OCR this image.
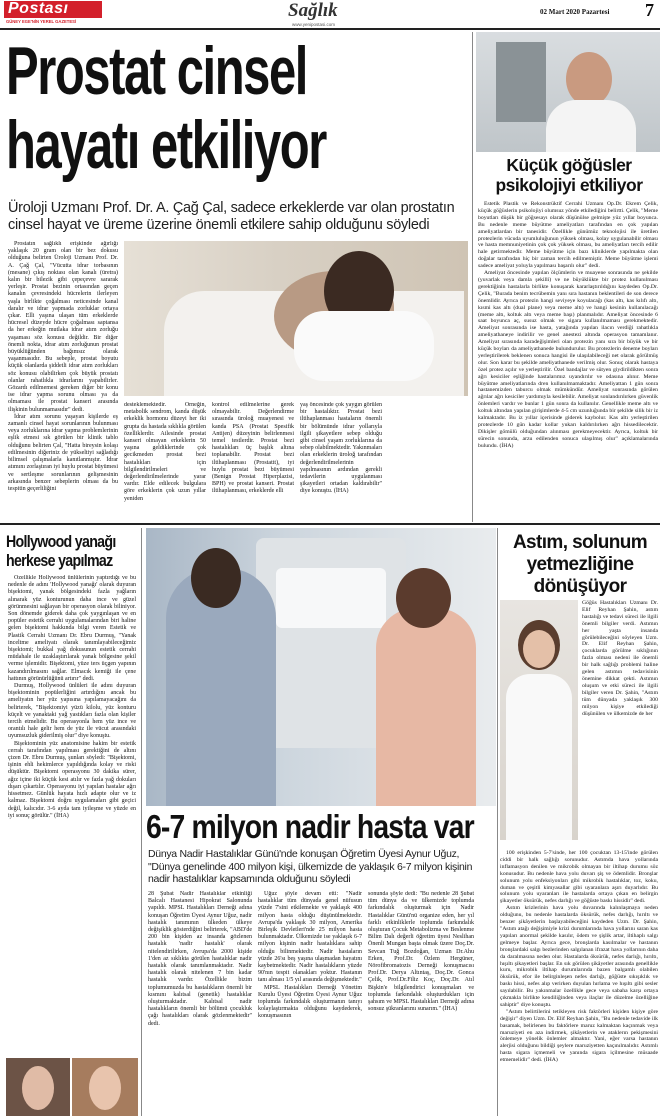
Postası
GÜNEY EGE'NİN YEREL GAZETESİ
Sağlık
www.yenipostasi.com
02 Mart 2020 Pazartesi 7
Prostat cinsel
hayatı etkiliyor
Üroloji Uzmanı Prof. Dr. A. Çağ Çal, sadece erkeklerde var olan prostatın cinsel hayat ve üreme üzerine önemli etkilere sahip olduğunu söyledi

Prostatın sağlıklı erişkinde ağırlığı yaklaşık 20 gram olan bir bez dokusu olduğuna belirten Üroloji Uzmanı Prof. Dr. A. Çağ Çal, "Vücutta idrar torbasının (mesane) çıkış noktası olan kanalı (üretra) kalın bir bilezik gibi çepeçevre sararak yerleşir. Prostat bezinin ortasından geçen kanalın çevresindeki hücrelerin ilerleyen yaşla birlikte çoğalması neticesinde kanal daralır ve idrar yapmada zorluklar ortaya çıkar. Elli yaşına ulaşan tüm erkeklerde hücresel düzeyde hücre çoğalması saptansa da her erkeğin mutlaka idrar atım zorluğu yaşaması söz konusu değildir. Bir diğer önemli nokta, idrar atım zorluğunun prostat büyüklüğünden bağımsız olarak yaşanmasıdır. Bu sebeple, prostat boyutu küçük olanlarda şiddetli idrar atım zorlukları söz konusu olabilirken çok büyük prostatı olanlar rahatlıkla idrarlarını yapabilirler. Gözardı edilmemesi gereken diğer bir konu ise idrar yapma sorunu olması ya da olmaması ile prostat kanseri arasında ilişkinin bulunmamasıdır" dedi.

İdrar atım sorunu yaşayan kişilerde eş zamanlı cinsel hayat sorunlarının bulunması veya zorluklarına idrar yapma problemlerinin eşlik etmesi sık görülen bir klinik tablo olduğunu belirten Çal, "Hatta bireysin kolaşı edilmesinin diğeriniz de yükseltiyi sağladığı bilimsel çalışmalarla kanıtlanmıştır. İdrar atımını zorlaştıran iyi huylu prostat büyümesi ve sertleşme sorunlarının gelişmesinin arkasında benzer sebeplerin olması da bu tespitin geçerliliğini

desteklemektedir. Örneğin, metabolik sendrom, kanda düşük erkeklik hormonu düzeyi her iki grupta da hastada sıklıkla görülen özelliklerdir. Ailesinde prostat kanseri olmayan erkeklerin 50 yaşına geldiklerinde çok gecikmeden prostat bezi hastalıkları için bilgilendirilmeleri ve değerlendirilmelerinde yarar vardır. Elde edilecek bulgulara göre erkeklerin çok uzun yıllar yeniden
kontrol edilmelerine gerek olmayabilir. Değerlendirme sırasında üroloğ muayenesi ve kanda PSA (Prostat Spesifik Antijen) düzeyinin belirlenmesi temel testlerdir. Prostat bezi hastalıkları üç başlık altına toplanabilir. Prostat bezi iltihaplanması (Prostatit), iyi huylu prostat bezi büyümesi (Benign Prostat Hiperplazisi, BPH) ve prostat kanseri. Prostat iltihaplanması, erkeklerde elli
yaş öncesinde çok yaygın görülen bir hastalıktır. Prostat bezi iltihaplanması hastaların önemli bir bölümünde idrar yollarıyla ilgili şikayetlere sebep olduğu gibi cinsel yaşam zorluklarına da sebep olabilmektedir. Yakınmaları olan erkeklerin üroloğ tarafından değerlendirilmelerinin yapılmasının ardından gerekli tedavilerin uygulanması şikayetleri ortadan kaldırabilir" diye konuştu. (İHA)
Küçük göğüsler
psikolojiyi etkiliyor

Estetik Plastik ve Rekonstrüktif Cerrahi Uzmanı Op.Dr. Ekrem Çelik, küçük göğüslerin psikolojiyi olumsuz yönde etkilediğini belirtti. Çelik, "Meme boyutları düşük bir göğsesayı olarak düşünülse gelmişte yüz yıllar boyunca. Bu nedenle meme büyütme ameliyatları tarafından en çok yapılan ameliyatlardan bir tanesidir. Özellikle günümüz teknolojisi ile üretilen protezlerin vücuda uyumluluğunun yüksek olması, kolay uygulanabilir olması ve hasta memnuniyetinin çok çok yüksek olması, bu ameliyatları tercih edilir hale getirmektedir. Meme büyütme için bazı kliniklerde yapılmakta olan doğalar tarafından hiç bir zaman tercih edilmemiştir. Meme büyütme işlemi sadece ameliyat yoluyla yapılması başarılı olur" dedi.

Ameliyat öncesinde yapılan ölçümlerin ve muayene sonrasında ne şekilde (yuvarlak veya damla şekilli) ve ne büyüklükte bir protez kullanılması gerektiğinin hastalarla birlikte konuşarak kararlaştırıldığını kaydeden Op.Dr. Çelik, "Burada benim tecrübemin yanı sıra hastanın beklentileri de son derece önemlidir. Ayrıca protezin hangi seviyeye koyulacağı (kas altı, kas kılıfı altı, kısmi kas altı (dual plane) veya meme altı) ve hangi kesinin kullanılacağı (meme altı, koltuk altı veya meme başı) planmalıdır. Ameliyat öncesinde 6 saat boyunca aç, susuz olmak ve sigara kullanılmaması gerekmektedir. Ameliyat sonrasında ise hasta, yatağında yapılan ilacın verdiği rahatlıkla ameliyathaneye indirilir ve genel anestezi altında operasyon tamamlanır. Ameliyat sırasında karadeğişimleri olan protezin yanı sıra bir büyük ve bir küçük boyları da ameliyathanede bulundurulur. Bu protezlerin deneme boyları yerleştirilerek beklenen sonuca hangisi ile ulaşılabileceği net olarak görülmüş olur. Son karar bu şekilde ameliyathanede verilmiş olur. Sonuç olarak hastaya özel protez açılır ve yerleştirilir. Özel bandajlar ve sütyen giydirildikten sonra ağrı kesiciler eşliğinde hastalarımız uyandırılır ve odasına alınır. Meme büyütme ameliyatlarında dren kullanılmamaktadır. Ameliyattan 1 gün sonra hastanemizden taburcu olmak mümkündür. Ameliyat sonrasında görülen ağrılar ağrı kesiciler yardımıyla kesilebilir. Ameliyat sonlandırılırken güvenlik önlemleri vardır ve bunlar 1 gün sonra da kullanılır. Genellikle meme altı ve koltuk altından yapılan girişimlerde 4-5 cm uzunluğunda bir şekilde silik bir iz kalmaktadır. Bu iz yıllar içerisinde giderek kaybolur. Kas altı yerleştirilen protezlerde 10 gün kadar kollar yukarı kaldırılırken ağrı hissedilecektir. Dikişler gömülü olduğundan alınması gerekmeyecektir. Ayrıca, koltuk bir sürecin sonunda, arzu edilenden sonuca ulaşılmış olur" açıklamalarında bulundu. (İHA)

Hollywood yanağı
herkese yapılmaz

Özellikle Hollywood ünlülerinin yaptırdığı ve bu nedenle de adını 'Hollywood yanağı' olarak duyuran bişektomi, yanak bölgesindeki fazla yağların alınarak yüz konturunun daha ince ve güzel görünmesini sağlayan bir operasyon olarak biliniyor. Son dönemde giderek daha çok yaygınlaşan ve en popüler estetik cerrahi uygulamalarından biri haline gelen bişektomi hakkında bilgi veren Estetik ve Plastik Cerrahi Uzmanı Dr. Ebru Durmuş, "Yanak inceltme ameliyatı olarak tanımlayabileceğimiz bişektomi; bukkal yağ dokusunun estetik cerrahi müdahale ile uzaklaştırılarak yanak bölgesine şekil verme işlemidir. Bişektomi, yüze ters üçgen yapının kazandırılmasını sağlar. Elmacık kemiği ile çene hattının görünürlüğünü artırır" dedi.

Durmuş, Hollywood ünlüleri ile adını duyuran bişektominin popülerliğini artırdığını ancak bu ameliyatın her yüz yapısına yapılamayacağını da belirterek, "Bişektomiyi yüzü kilolu, yüz konturu küçelt ve yanaktaki yağ yastıkları fazla olan kişiler tercih etmelidir. Bu operasyonla hem yüz ince ve orantılı hale gelir hem de yüz ile vücut arasındaki uyumsuzluk giderilmiş olur" diye konuştu.

Bişektominin yüz anatomisine hakim bir estetik cerrah tarafından yapılması gerektiğini de altını çizen Dr. Ebru Durmuş, şunları söyledi: "Bişektomi, işinin ehli hekimlerce yapıldığında kolay ve riski düşüktür. Bişektomi operasyonu 30 dakika sürer, ağız içine iki küçük kesi atılır ve fazla yağ dokuları dışarı çıkartılır. Operasyonu iyi yapılan hastalar ağrı hissetmez. Günlük hayata hızlı adapte olur ve iz kalmaz. Bişektomi doğru uygulamaları gibi geçici değil, kalıcıdır. 3-6 ayda tam iyileşme ve yüzde en iyi sonuç görülür." (İHA)	6-7 milyon nadir hasta var
Dünya Nadir Hastalıklar Günü'nde konuşan Öğretim Üyesi Aynur Uğuz, "Dünya genelinde 400 milyon kişi, ülkemizde de yaklaşık 6-7 milyon kişinin nadir hastalıklar kapsamında olduğunu söyledi
28 Şubat Nadir Hastalıklar etkinliği Balcalı Hastanesi Hipokrat Salonunda yapıldı. MPSL Hastalıkları Derneği adına konuşan Öğretim Üyesi Aynur Uğuz, nadir hastalık tanımının ülkeden ülkeye değişiklik gösterdiğini belirterek, "ABD'de 200 bin kişiden az insanda gözlenen hastalık 'nadir hastalık' olarak nitelendirilirken, Avrupa'da 2000 kişide 1'den az sıklıkta görülen hastalıklar nadir hastalık olarak tanımlanmaktadır. Nadir hastalık olarak nitelenen 7 bin kadar hastalık vardır. Özellikle bizim toplumumuzda bu hastalıkların önemli bir kısmını kalıtsal (genetik) hastalıklar oluşturmaktadır. Kalıtsal nadir hastalıkların önemli bir bölümü çocukluk çağı hastalıkları olarak gözlenmektedir" dedi.

Uğuz şöyle devam etti: "Nadir hastalıklar tüm dünyada genel nüfusun yüzde 7'sini etkilemekte ve yaklaşık 400 milyon hasta olduğu düşünülmektedir. Avrupa'da yaklaşık 30 milyon, Amerika Birleşik Devletleri'nde 25 milyon hasta bulunmaktadır. Ülkemizde ise yaklaşık 6-7 milyon kişinin nadir hastalıklara sahip olduğu bilinmektedir. Nadir hastaların yüzde 26'sı beş yaşına ulaşmadan hayatını kaybetmektedir. Nadir hastalıkların yüzde 90'nın tespit olanakları yoktur. Hastanın tanı alması 1/5 yıl arasında değişmektedir."

MPSL Hastalıkları Derneği Yönetim Kurulu Üyesi Öğretim Üyesi Aynur Uğuz toplumda farkındalık oluşturmanın tanıyı kolaylaştırmakta olduğunu kaydederek, konuşmasının

sonunda şöyle dedi: "Bu nedenle 28 Şubat tüm dünya da ve ülkemizde toplumda farkındalık oluşturmak için Nadir Hastalıklar Günü'nü organize eden, her yıl farklı etkinliklerle toplumda farkındalık oluşturan Çocuk Metabolizma ve Beslenme Bilim Dalı değerli öğretim üyesi Neslihan Önenli Mungan başta olmak üzere Doç.Dr. Sevcan Tuğ Bozdoğan, Uzman Dr.Ahu Erken, Prof.Dr. Özlem Hergüner, Nörofibromatozis Derneği konuşmacısı Prof.Dr. Derya Altıntaş, Doç.Dr. Gonca Çelik, Prof.Dr.Filiz Koç, Doç.Dr. Atıl Bişkin'e bilgilendirici konuşmaları ve toplumda farkındalık oluşturdukları için şahsım ve MPSL Hastalıkları Derneği adına sonsuz şükranlarımı sunarım." (İHA)
Astım, solunum
yetmezliğine
dönüşüyor
Göğüs Hastalıkları Uzmanı Dr. Elif Reyhan Şahin, astım hastalığı ve tedavi süreci ile ilgili önemli bilgiler verdi. Astımın her yaşta insanda görülebileceğini söyleyen Uzm. Dr. Elif Reyhan Şahin, çocuklarda görülme sıklığının fazla olması nedeni ile önemli bir halk sağlığı problemi haline gelen astımın tedavisinin önemine dikkat çekti. Astımın oluşum ve etki süreci ile ilgili bilgiler veren Dr. Şahin, "Astım tüm dünyada yaklaşık 300 milyon kişiye etkilediği düşünülen ve ülkemizde de her

100 erişkinden 5-7'sinde, her 100 çocuktan 13-15'inde görülen ciddi bir halk sağlığı sorunudur. Astımda hava yollarında inflamasyon denilen ve mikrobik olmayan bir iltihap durumu söz konusudur. Bu nedenle hava yolu duvarı şiş ve ödemlidir. Bronşlar solunum yolu enfeksiyonları gibi mikrobik hastalıklar, toz, koku, duman ve çeşitli kimyasallar gibi uyaranlara aşırı duyarlıdır. Bu solunum yolu uyaranları ile hastalarda ortaya çıkan en belirgin şikayetler öksürük, nefes darlığı ve göğüste baskı hissidir" dedi.

Astım krizlerinin hava yolu duvarında kalınlaşmaya neden olduğunu, bu nedenle hastalarda öksürük, nefes darlığı, hırıltı ve benzer şikâyetlerin başlayabileceğini kaydeden Uzm. Dr. Şahin, "Astım atağı değişimiyle krizi durumlarında hava yollarını saran kas yapıları anormal şekilde kasılır, ödem ve şişlik artar, iltihaplı salgı gelmeye başlar. Ayrıca gece, bronşlarda kasılmalar ve hastanın bronşlardaki salgı bezlerinden salgılanan ifrazat hava yollarının daha da daralmasına neden olur. Hastalarda öksürük, nefes darlığı, hırıltı, hışıltı şikayetleri başlar. En sık görülen şikâyetler arasında genellikle kuru, mikrobik iltihap durumlarında bazen balgamlı olabilen öksürük, efor ile belirginleşen nefes darlığı, göğüste sıkışıklık ve baskı hissi, nefes alıp verirken duyulan hırlama ve hışıltı gibi sesler sayılabilir. Bu yakınmalar özellikle gece veya sabaha karşı ortaya çıkmakla birlikte kendiliğinden veya ilaçlar ile düzelme özelliğine sahiptir" diye konuştu.

"Astım belirtilerini tetikleyen risk faktörleri kişiden kişiye göre değişir" diyen Uzm. Dr. Elif Reyhan Şahin, "Bu nedenle tedavide ilk basamak, belirlenen bu faktörlere maruz kalmaktan kaçınmak veya maruziyeti en aza indirmek, şikâyetlerin ve ataklerın pekişmesini önlemeye yönelik önlemler almaktır. Yani, eğer varsa hastanın alerjisi olduğunu bildiği şeylere maruziyetten kaçınılmalıdır. Astımlı hasta sigara içmemeli ve yanında sigara içilmesine müsaade etmemelidir" dedi. (İHA)
